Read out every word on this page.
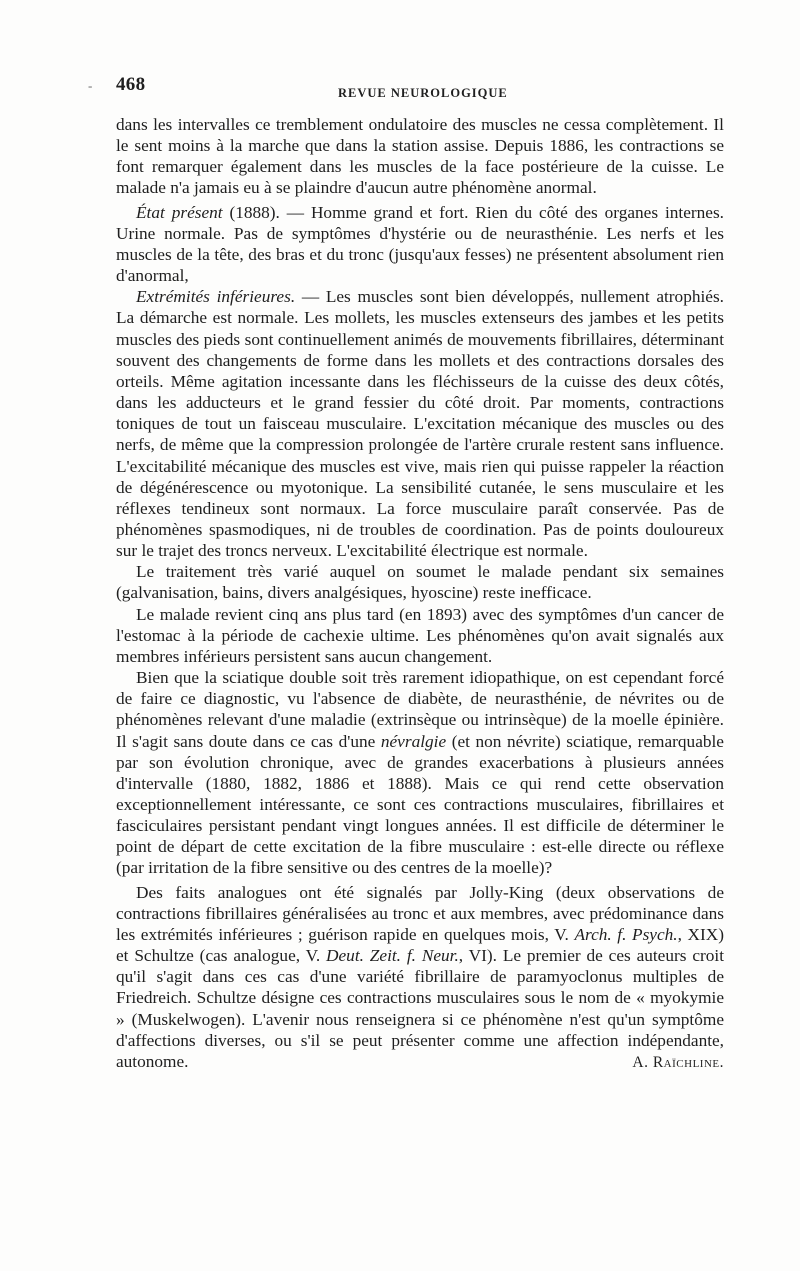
- 468	REVUE NEUROLOGIQUE

dans les intervalles ce tremblement ondulatoire des muscles ne cessa complètement. Il le sent moins à la marche que dans la station assise. Depuis 1886, les contractions se font remarquer également dans les muscles de la face postérieure de la cuisse. Le malade n'a jamais eu à se plaindre d'aucun autre phénomène anormal.

État présent (1888). — Homme grand et fort. Rien du côté des organes internes. Urine normale. Pas de symptômes d'hystérie ou de neurasthénie. Les nerfs et les muscles de la tête, des bras et du tronc (jusqu'aux fesses) ne présentent absolument rien d'anormal,

Extrémités inférieures. — Les muscles sont bien développés, nullement atrophiés. La démarche est normale. Les mollets, les muscles extenseurs des jambes et les petits muscles des pieds sont continuellement animés de mouvements fibrillaires, déterminant souvent des changements de forme dans les mollets et des contractions dorsales des orteils. Même agitation incessante dans les fléchisseurs de la cuisse des deux côtés, dans les adducteurs et le grand fessier du côté droit. Par moments, contractions toniques de tout un faisceau musculaire. L'excitation mécanique des muscles ou des nerfs, de même que la compression prolongée de l'artère crurale restent sans influence. L'excitabilité mécanique des muscles est vive, mais rien qui puisse rappeler la réaction de dégénérescence ou myotonique. La sensibilité cutanée, le sens musculaire et les réflexes tendineux sont normaux. La force musculaire paraît conservée. Pas de phénomènes spasmodiques, ni de troubles de coordination. Pas de points douloureux sur le trajet des troncs nerveux. L'excitabilité électrique est normale.

Le traitement très varié auquel on soumet le malade pendant six semaines (galvanisation, bains, divers analgésiques, hyoscine) reste inefficace.

Le malade revient cinq ans plus tard (en 1893) avec des symptômes d'un cancer de l'estomac à la période de cachexie ultime. Les phénomènes qu'on avait signalés aux membres inférieurs persistent sans aucun changement.

Bien que la sciatique double soit très rarement idiopathique, on est cependant forcé de faire ce diagnostic, vu l'absence de diabète, de neurasthénie, de névrites ou de phénomènes relevant d'une maladie (extrinsèque ou intrinsèque) de la moelle épinière. Il s'agit sans doute dans ce cas d'une névralgie (et non névrite) sciatique, remarquable par son évolution chronique, avec de grandes exacerbations à plusieurs années d'intervalle (1880, 1882, 1886 et 1888). Mais ce qui rend cette observation exceptionnellement intéressante, ce sont ces contractions musculaires, fibrillaires et fasciculaires persistant pendant vingt longues années. Il est difficile de déterminer le point de départ de cette excitation de la fibre musculaire : est-elle directe ou réflexe (par irritation de la fibre sensitive ou des centres de la moelle)?

Des faits analogues ont été signalés par Jolly-King (deux observations de contractions fibrillaires généralisées au tronc et aux membres, avec prédominance dans les extrémités inférieures ; guérison rapide en quelques mois, V. Arch. f. Psych., XIX) et Schultze (cas analogue, V. Deut. Zeit. f. Neur., VI). Le premier de ces auteurs croit qu'il s'agit dans ces cas d'une variété fibrillaire de paramyoclonus multiples de Friedreich. Schultze désigne ces contractions musculaires sous le nom de « myokymie » (Muskelwogen). L'avenir nous renseignera si ce phénomène n'est qu'un symptôme d'affections diverses, ou s'il se peut présenter comme une affection indépendante, autonome.	A. Raïchline.
